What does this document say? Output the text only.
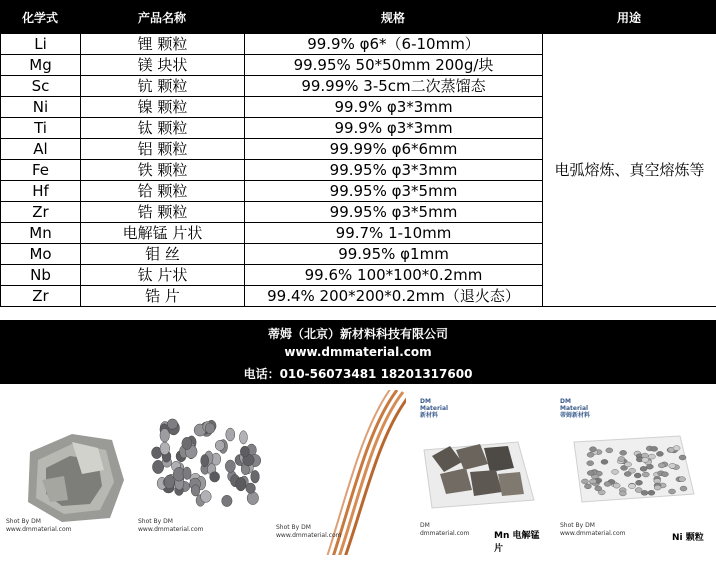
化学式	产品名称	规格	用途
Li	锂 颗粒	99.9% φ6*（6-10mm）	电弧熔炼、真空熔炼等
Mg	镁 块状	99.95% 50*50mm 200g/块	
Sc	钪 颗粒	99.99% 3-5cm二次蒸馏态	
Ni	镍 颗粒	99.9% φ3*3mm	
Ti	钛 颗粒	99.9% φ3*3mm	
Al	铝 颗粒	99.99% φ6*6mm	
Fe	铁 颗粒	99.95% φ3*3mm	
Hf	铪 颗粒	99.95% φ3*5mm	
Zr	锆 颗粒	99.95% φ3*5mm	
Mn	电解锰 片状	99.7% 1-10mm	
Mo	钼 丝	99.95% φ1mm	
Nb	钛 片状	99.6% 100*100*0.2mm	
Zr	锆 片	99.4% 200*200*0.2mm（退火态）	
蒂姆（北京）新材料科技有限公司
www.dmmaterial.com
电话：010-56073481 18201317600
Shot By DM
www.dmmaterial.com
Shot By DM
www.dmmaterial.com	Shot By DM
www.dmmaterial.com
DM
Material
新材料
DM
dmmaterial.com	Mn 电解锰片
DM
Material
蒂姆新材料
Shot By DM
www.dmmaterial.com	Ni 颗粒
